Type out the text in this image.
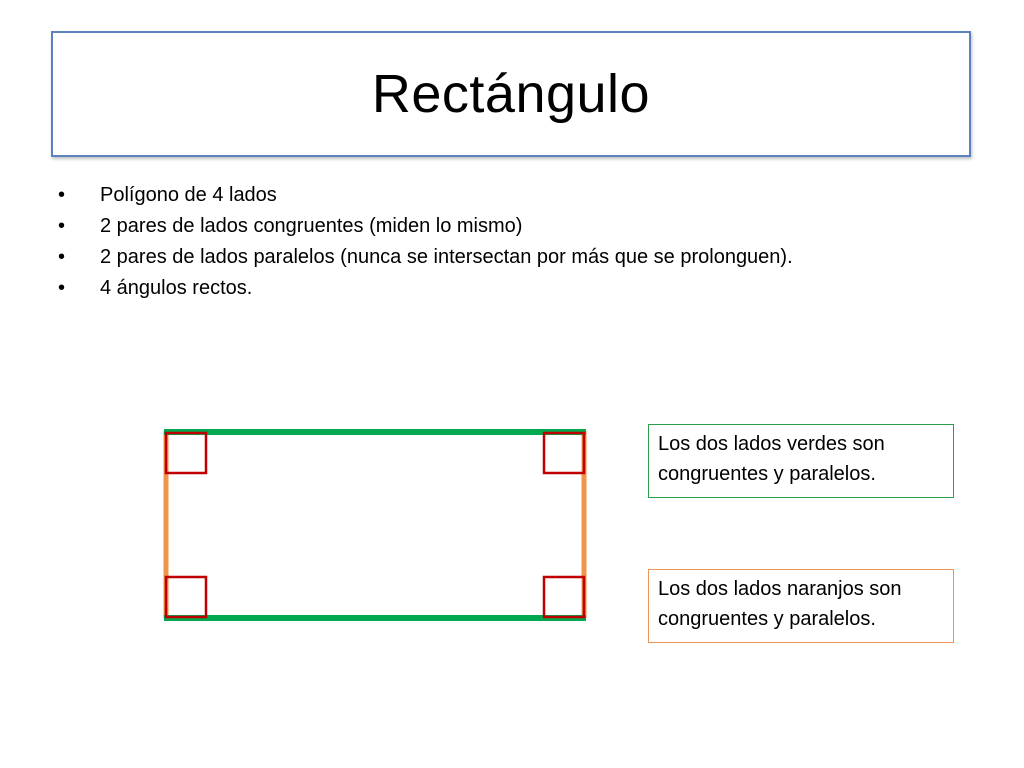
Rectángulo
•	Polígono de 4 lados
•	2 pares de lados congruentes (miden lo mismo)
•	2 pares de lados paralelos (nunca se intersectan por más que se prolonguen).
•	4 ángulos rectos.
Los dos lados verdes son congruentes y paralelos.
Los dos lados naranjos son congruentes y paralelos.
